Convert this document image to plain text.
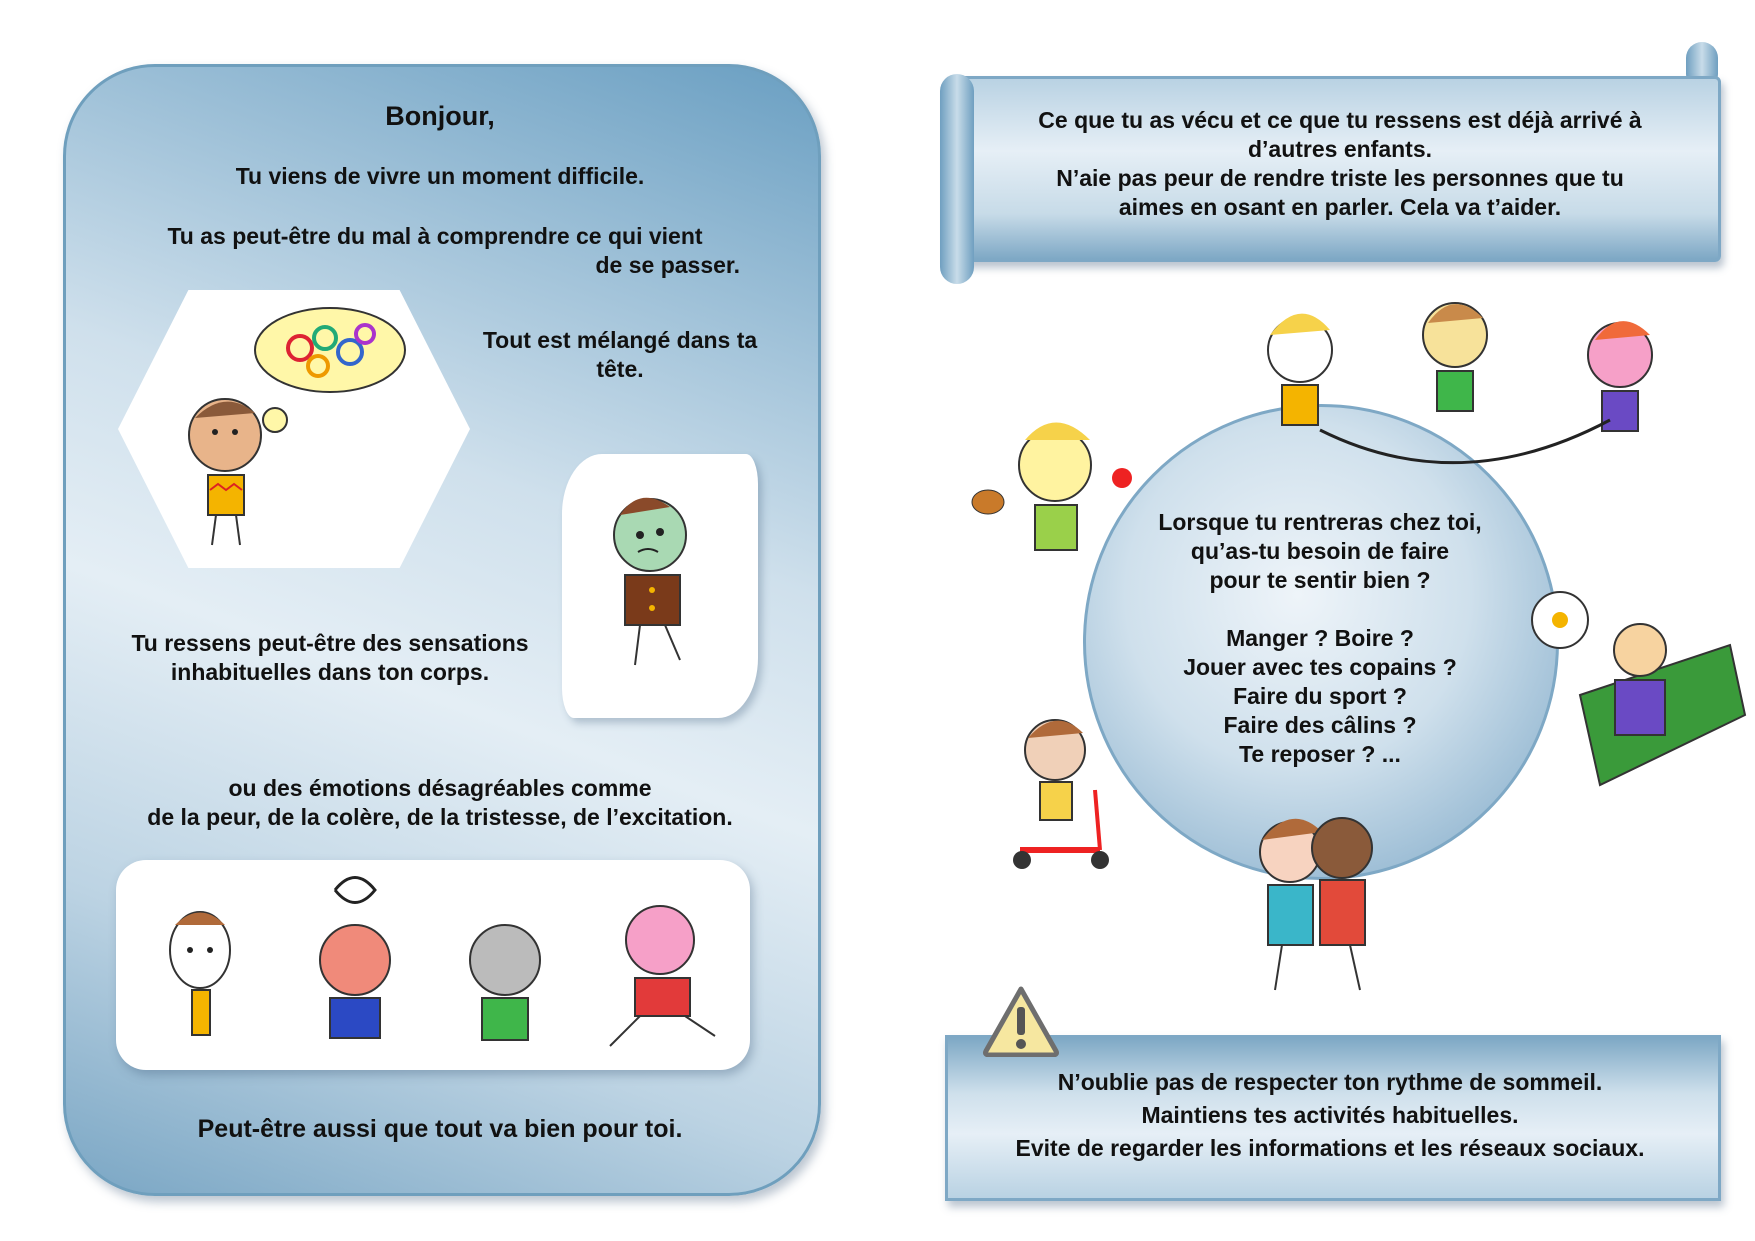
Bonjour,
Tu viens de vivre un moment difficile.
Tu as peut-être du mal à comprendre ce qui vient
de se passer.
Tout est mélangé dans ta
tête.
Tu ressens peut-être des sensations
inhabituelles dans ton corps.
ou des émotions désagréables comme
de la peur, de la colère, de la tristesse, de l’excitation.
Peut-être aussi que tout va bien pour toi.
Ce que tu as vécu et ce que tu ressens est déjà arrivé à
d’autres enfants.
N’aie pas peur de rendre triste les personnes que tu
aimes en osant en parler. Cela va t’aider.
Lorsque tu rentreras chez toi,
qu’as-tu besoin de faire
pour te sentir bien ?
Manger ? Boire ?
Jouer avec tes copains ?
Faire du sport ?
Faire des câlins ?
Te reposer ? ...
N’oublie pas de respecter ton rythme de sommeil.
Maintiens tes activités habituelles.
Evite de regarder les informations et les réseaux sociaux.
